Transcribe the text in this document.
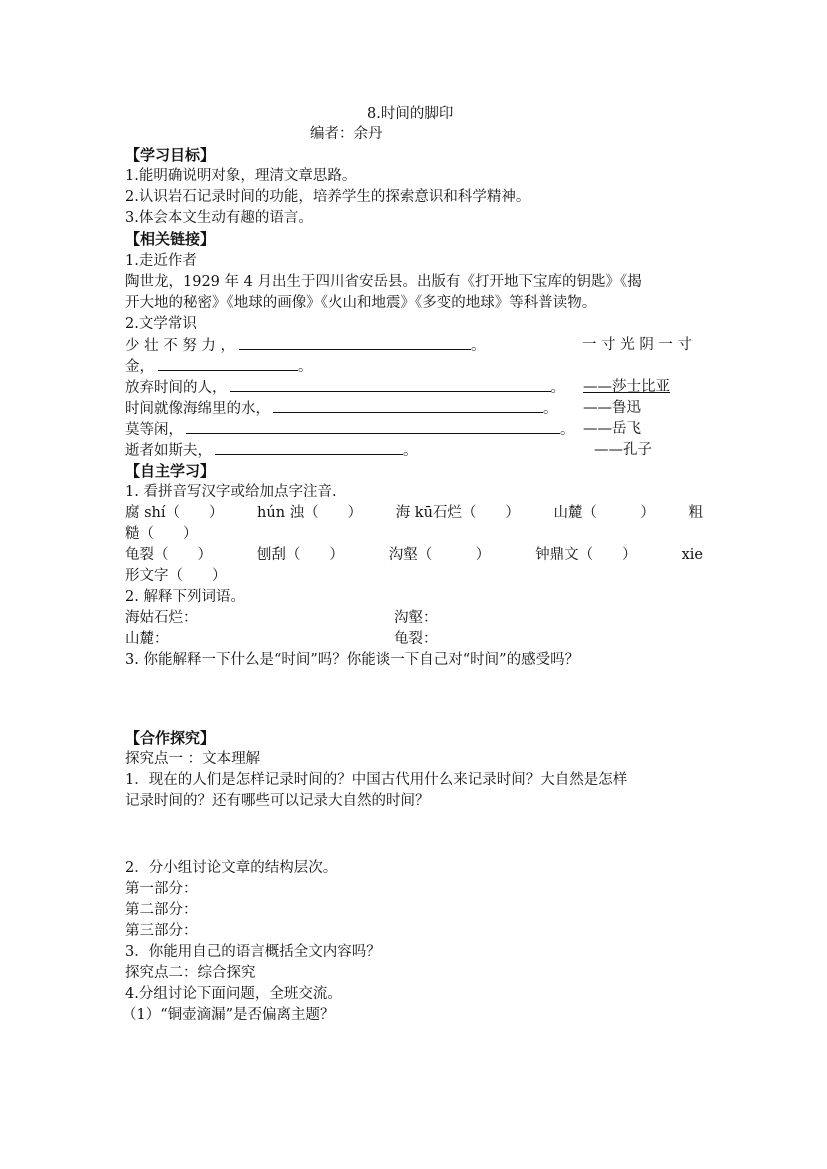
8.时间的脚印
编者：余丹
【学习目标】
1.能明确说明对象，理清文章思路。
2.认识岩石记录时间的功能，培养学生的探索意识和科学精神。
3.体会本文生动有趣的语言。
【相关链接】
1.走近作者
陶世龙，1929 年 4 月出生于四川省安岳县。出版有《打开地下宝库的钥匙》《揭
开大地的秘密》《地球的画像》《火山和地震》《多变的地球》等科普读物。
2.文学常识
少 壮 不 努 力 ，	。	一 寸 光 阴 一 寸
金，	。
放弃时间的人，	。 ——莎士比亚
时间就像海绵里的水，	。 ——鲁迅
莫等闲，	。 ——岳飞
逝者如斯夫，	。	——孔子
【自主学习】
1. 看拼音写汉字或给加点字注音.
腐 shí（　　） hún 浊（　　） 海 kū石烂（　　） 山麓（　　　） 粗
糙（　　）
龟裂（　　）	刨刮（　　）	沟壑（　　　）	钟鼎文（　　）	xie
形文字（　　）
2. 解释下列词语。
海姑石烂：	沟壑：
山麓：	龟裂：
3. 你能解释一下什么是“时间”吗？你能谈一下自己对“时间”的感受吗？
【合作探究】
探究点一 ：文本理解
1．现在的人们是怎样记录时间的？中国古代用什么来记录时间？大自然是怎样
记录时间的？还有哪些可以记录大自然的时间？
2．分小组讨论文章的结构层次。
第一部分：
第二部分：
第三部分：
3．你能用自己的语言概括全文内容吗？
探究点二：综合探究
4.分组讨论下面问题，全班交流。
（1）“铜壶滴漏”是否偏离主题？
